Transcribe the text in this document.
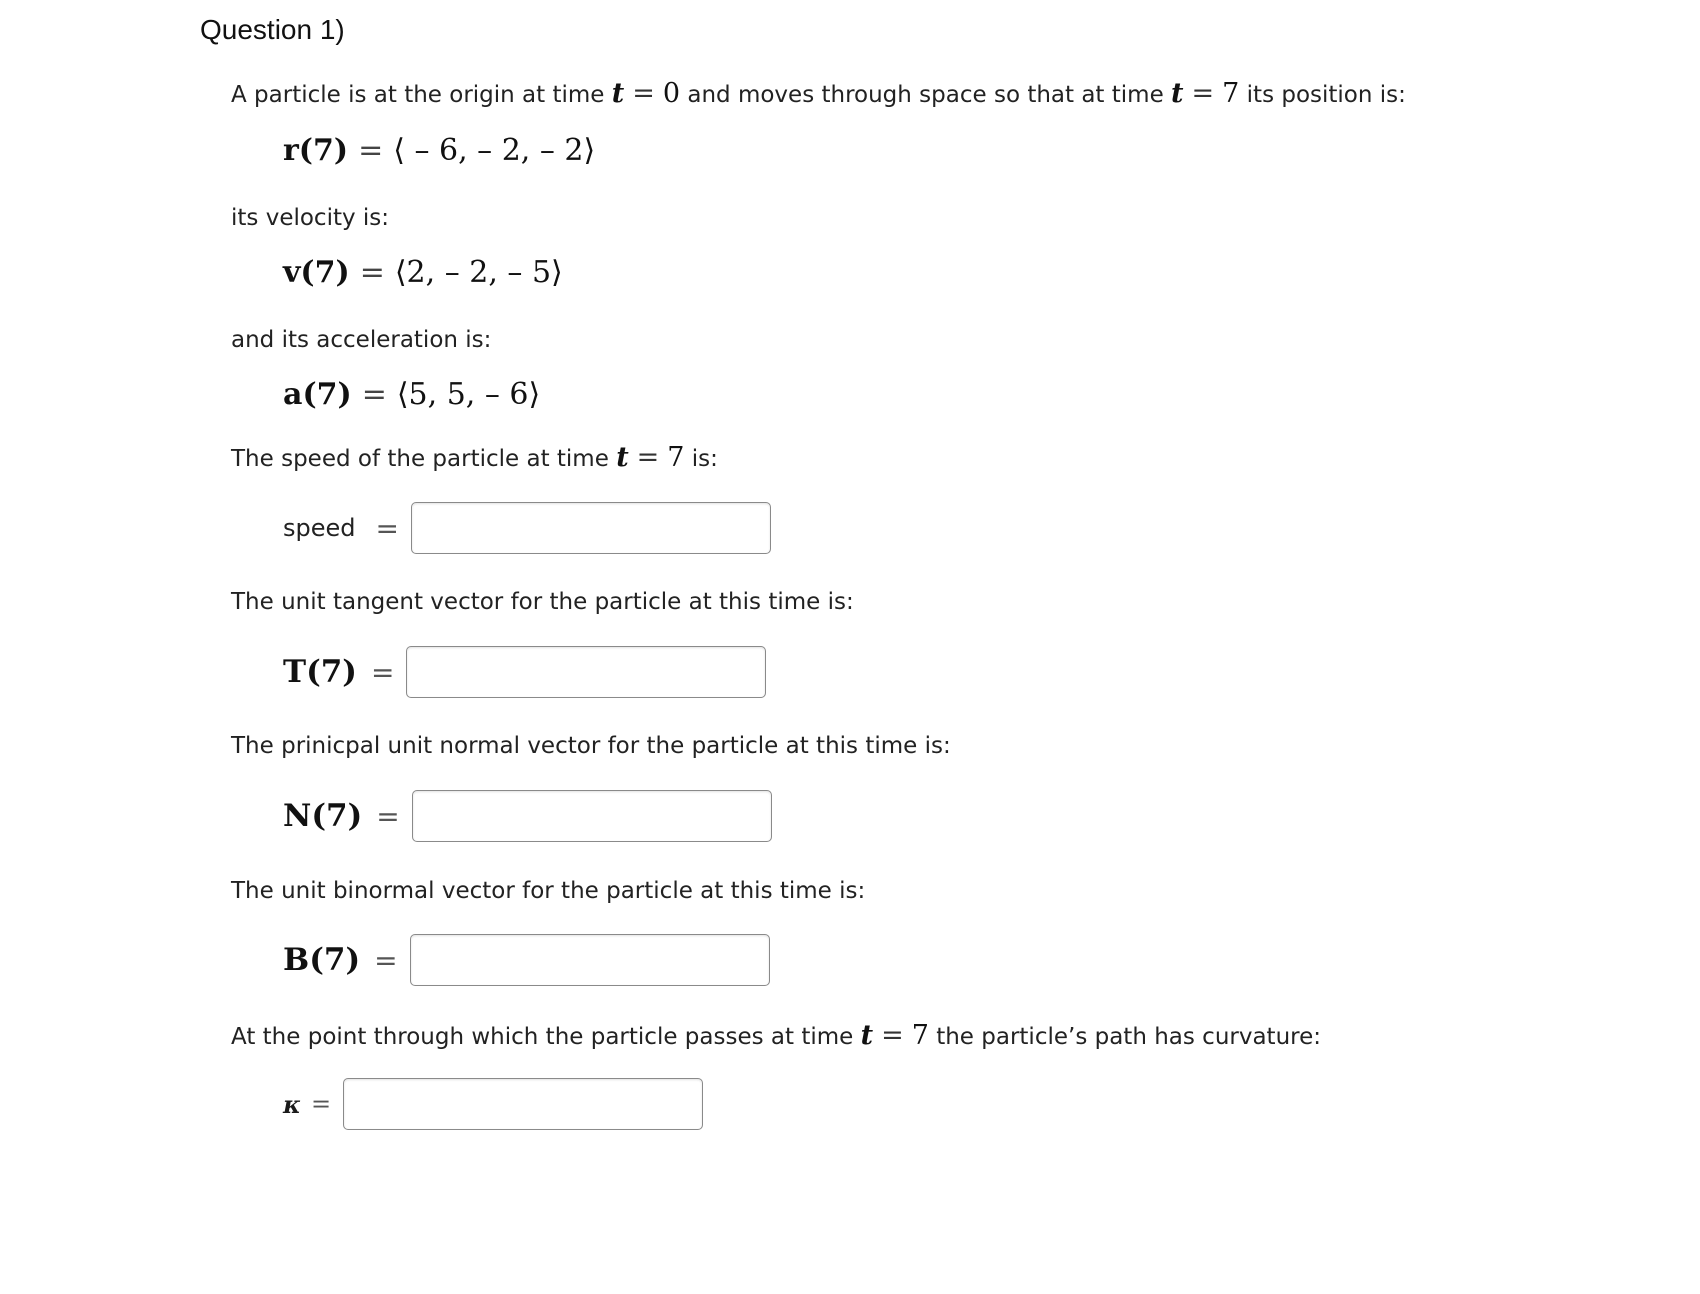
Question 1)
A particle is at the origin at time t = 0 and moves through space so that at time t = 7 its position is:
r(7) = ⟨ – 6, – 2, – 2⟩
its velocity is:
v(7) = ⟨2, – 2, – 5⟩
and its acceleration is:
a(7) = ⟨5, 5, – 6⟩
The speed of the particle at time t = 7 is:
speed =
The unit tangent vector for the particle at this time is:
T(7) =
The prinicpal unit normal vector for the particle at this time is:
N(7) =
The unit binormal vector for the particle at this time is:
B(7) =
At the point through which the particle passes at time t = 7 the particle’s path has curvature:
κ =
